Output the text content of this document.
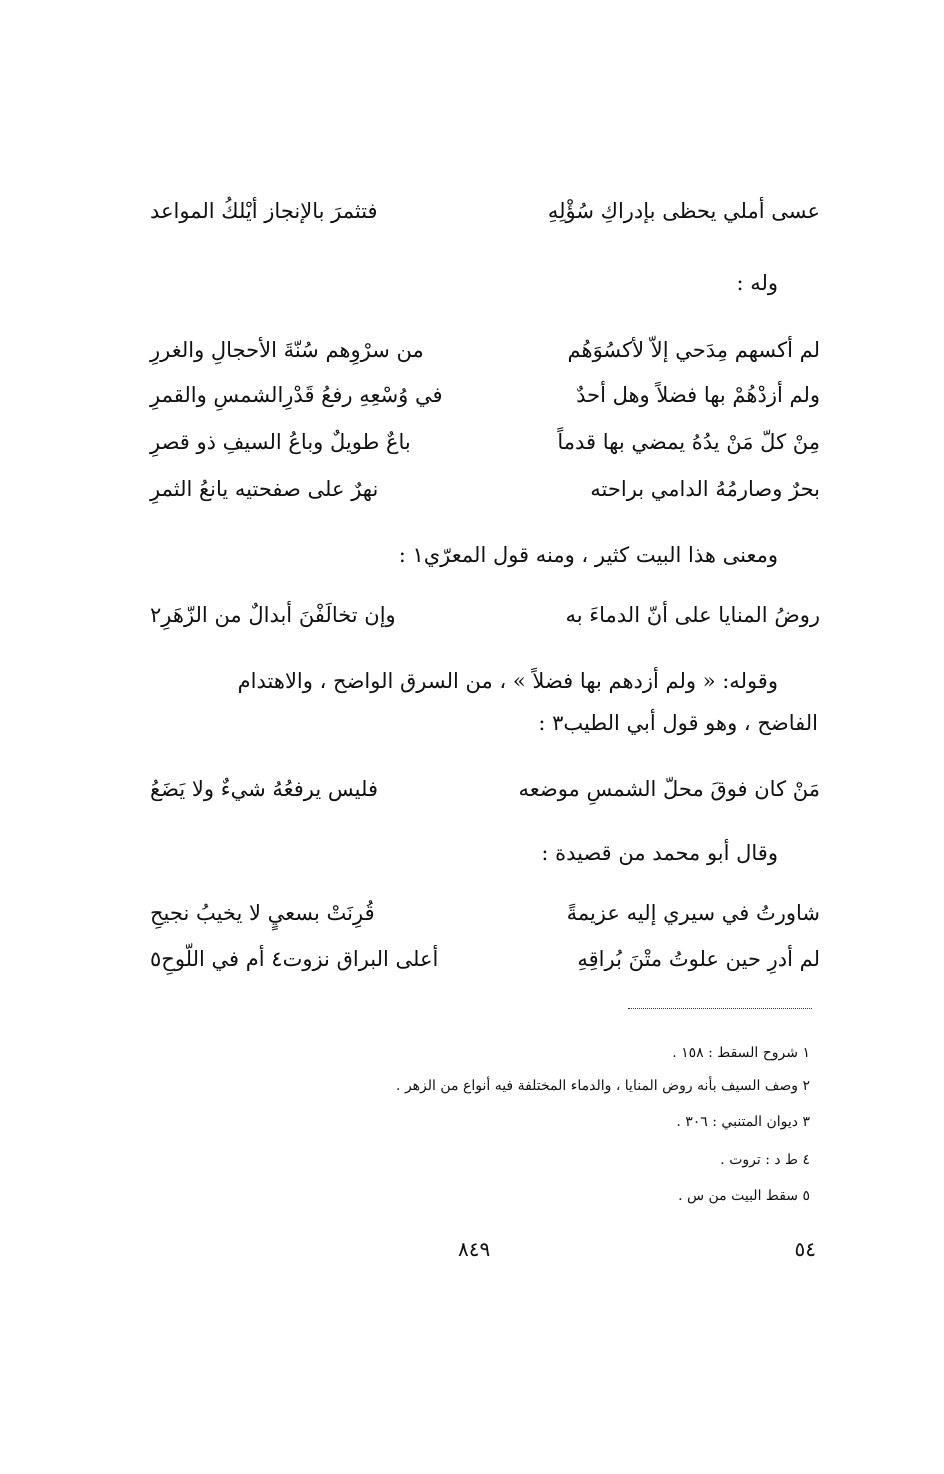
عسى أملي يحظى بإدراكِ سُؤْلِهِ
فتثمرَ بالإنجاز أيْلكُ المواعد
وله :
لم أكسهم مِدَحي إلاّ لأكسُوَهُم
من سرْوِهم سُنّةَ الأحجالِ والغررِ
ولم أزدْهُمْ بها فضلاً وهل أحدٌ
في وُسْعِهِ رفعُ قَدْرِالشمسِ والقمرِ
مِنْ كلّ مَنْ يدُهُ يمضي بها قدماً
باعٌ طويلٌ وباعُ السيفِ ذو قصرِ
بحرٌ وصارمُهُ الدامي براحته
نهرٌ على صفحتيه يانعُ الثمرِ
ومعنى هذا البيت كثير ، ومنه قول المعرّي١ :
روضُ المنايا على أنّ الدماءَ به
وإن تخالَفْنَ أبدالٌ من الزّهَرِ٢
وقوله: « ولم أزدهم بها فضلاً » ، من السرق الواضح ، والاهتدام
الفاضح ، وهو قول أبي الطيب٣ :
مَنْ كان فوقَ محلّ الشمسِ موضعه
فليس يرفعُهُ شيءٌ ولا يَضَعُ
وقال أبو محمد من قصيدة :
شاورتُ في سيري إليه عزيمةً
قُرِنَتْ بسعيٍ لا يخيبُ نجيحِ
لم أدرِ حين علوتُ متْنَ بُراقِهِ
أعلى البراق نزوت٤ أم في اللّوحِ٥
١ شروح السقط : ١٥٨ .
٢ وصف السيف بأنه روض المنايا ، والدماء المختلفة فيه أنواع من الزهر .
٣ ديوان المتنبي : ٣٠٦ .
٤ ط د : تروت .
٥ سقط البيت من س .
٥٤
٨٤٩
